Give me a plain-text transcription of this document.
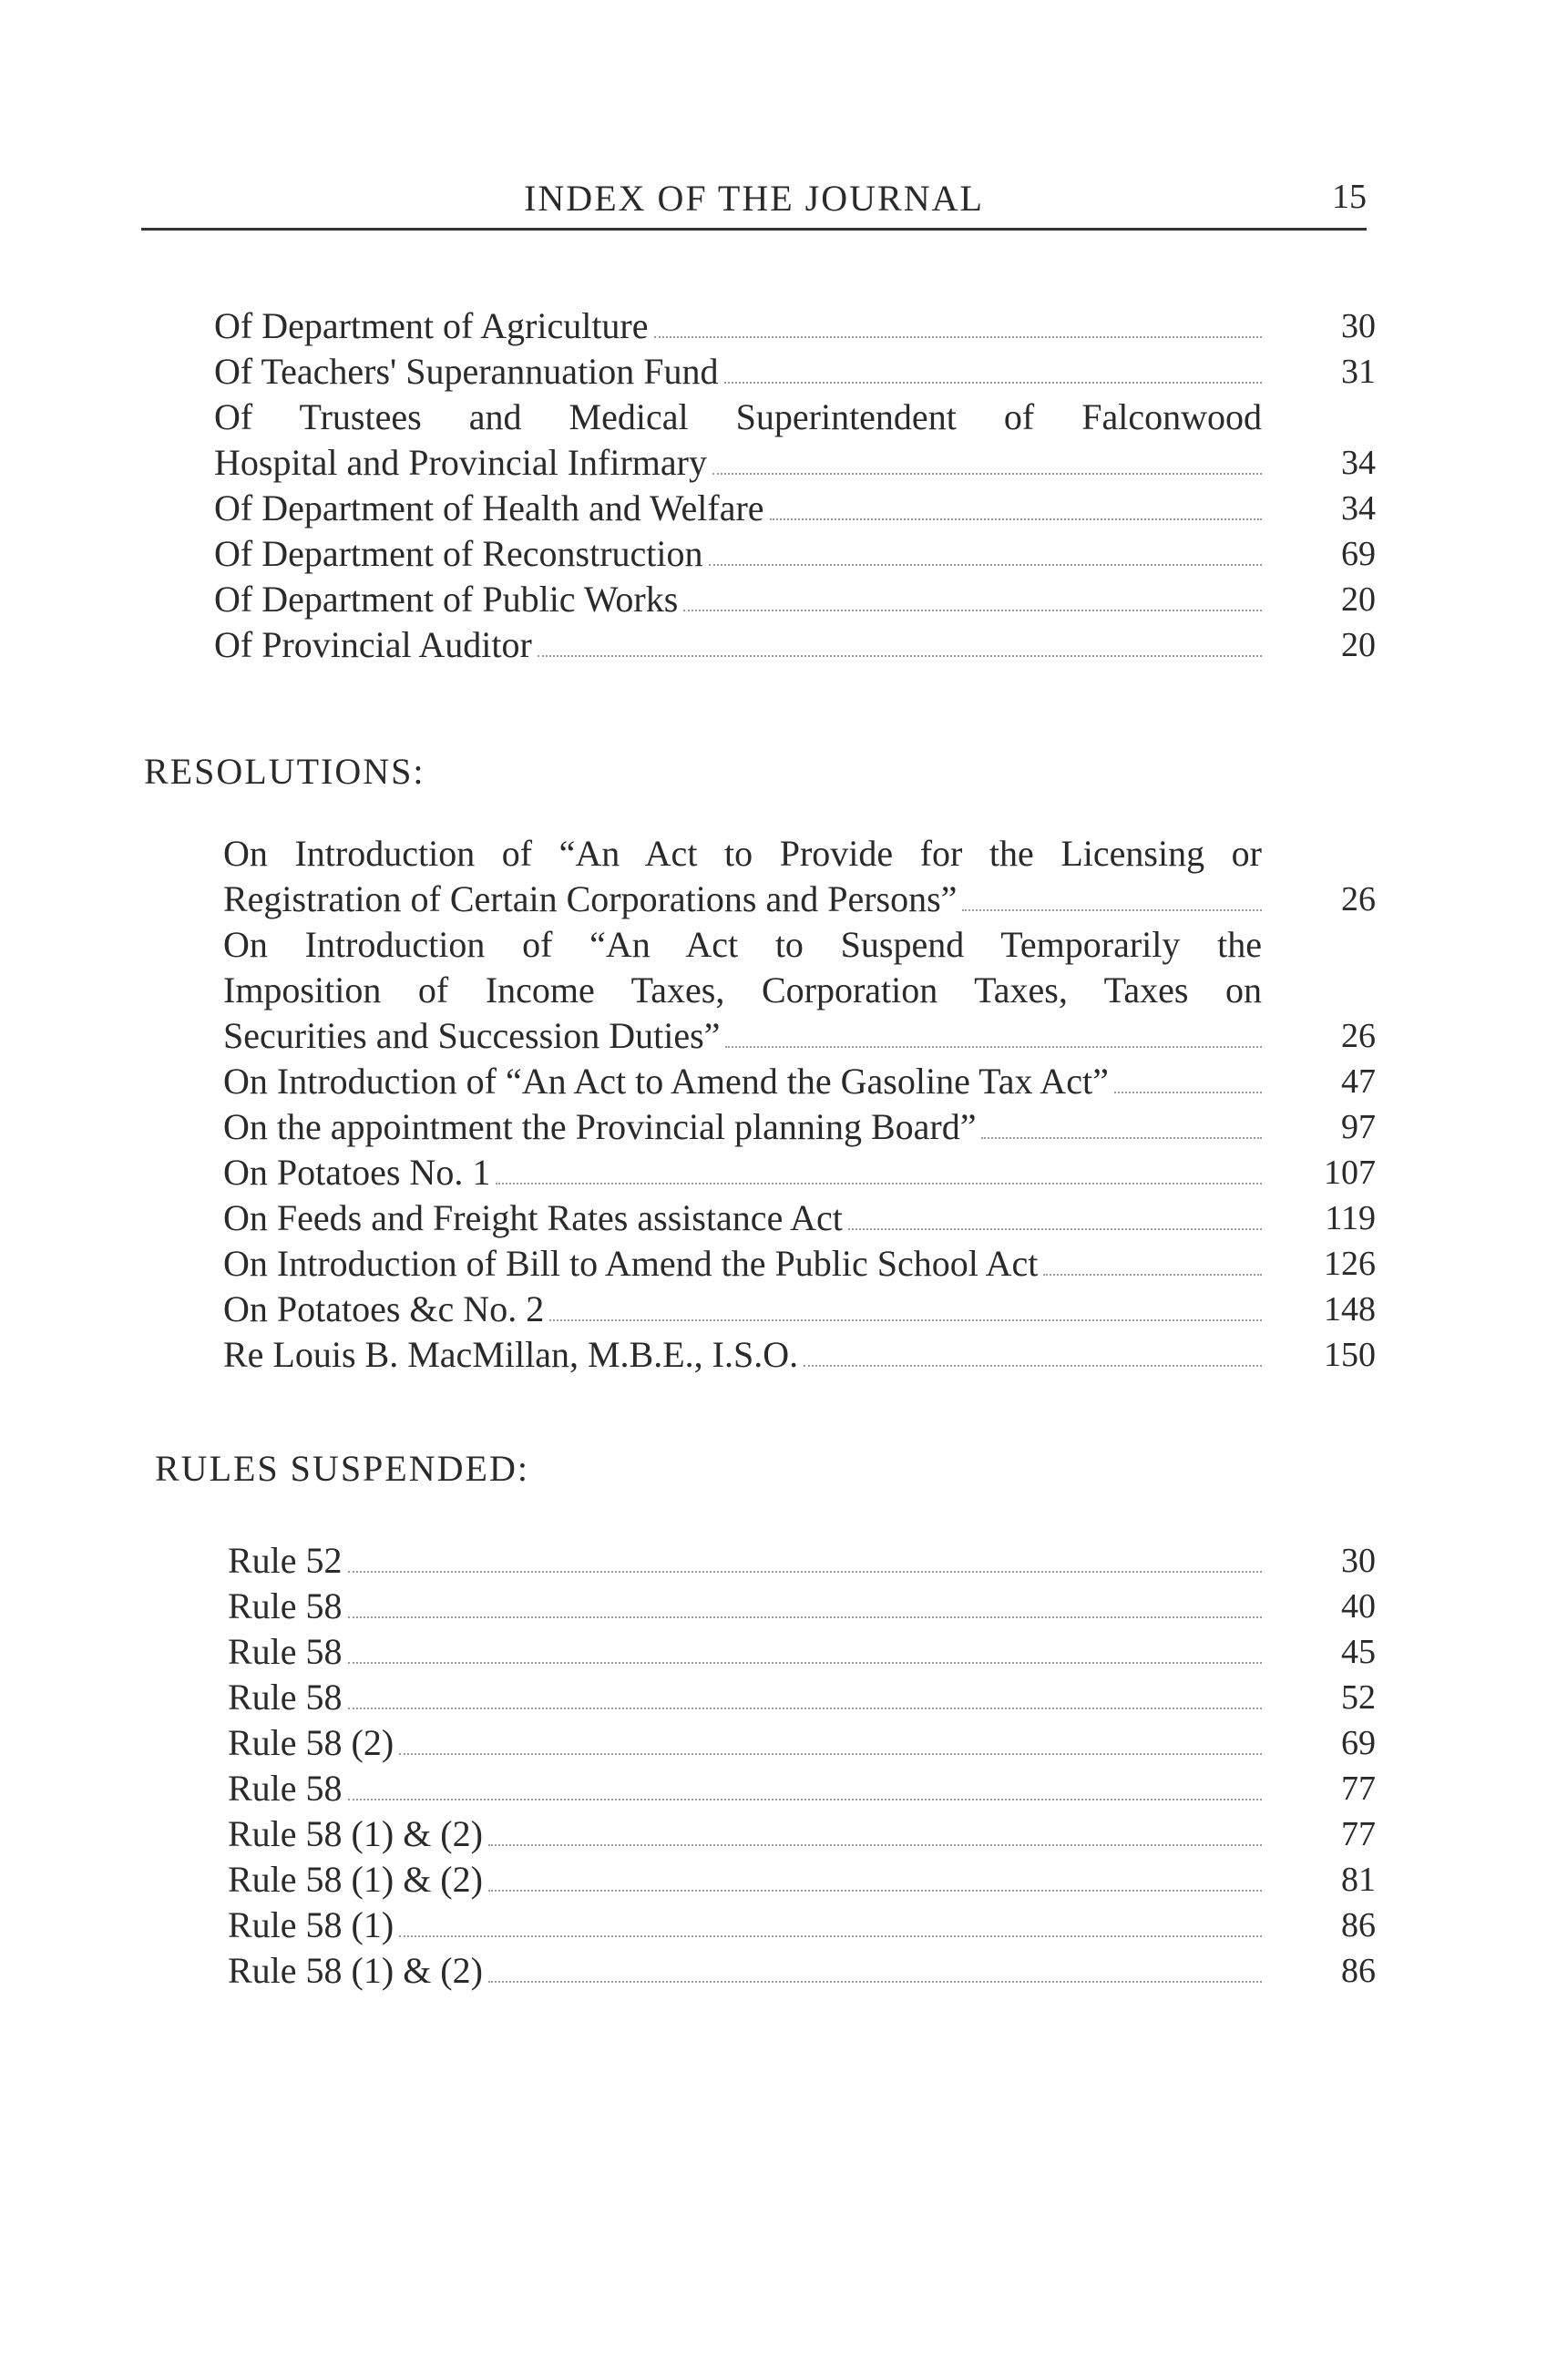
INDEX OF THE JOURNAL	15
RESOLUTIONS:
RULES SUSPENDED:
Of Department of Agriculture	30
Of Teachers' Superannuation Fund	31
Of Trustees and Medical Superintendent of Falconwood
Hospital and Provincial Infirmary	34
Of Department of Health and Welfare	34
Of Department of Reconstruction	69
Of Department of Public Works	20
Of Provincial Auditor	20
On Introduction of “An Act to Provide for the Licensing or
Registration of Certain Corporations and Persons”	26
On Introduction of “An Act to Suspend Temporarily the
Imposition of Income Taxes, Corporation Taxes, Taxes on
Securities and Succession Duties”	26
On Introduction of “An Act to Amend the Gasoline Tax Act”	47
On the appointment the Provincial planning Board”	97
On Potatoes No. 1	107
On Feeds and Freight Rates assistance Act	119
On Introduction of Bill to Amend the Public School Act	126
On Potatoes &c No. 2	148
Re Louis B. MacMillan, M.B.E., I.S.O.	150
Rule 52	30
Rule 58	40
Rule 58	45
Rule 58	52
Rule 58 (2)	69
Rule 58	77
Rule 58 (1) & (2)	77
Rule 58 (1) & (2)	81
Rule 58 (1)	86
Rule 58 (1) & (2)	86
